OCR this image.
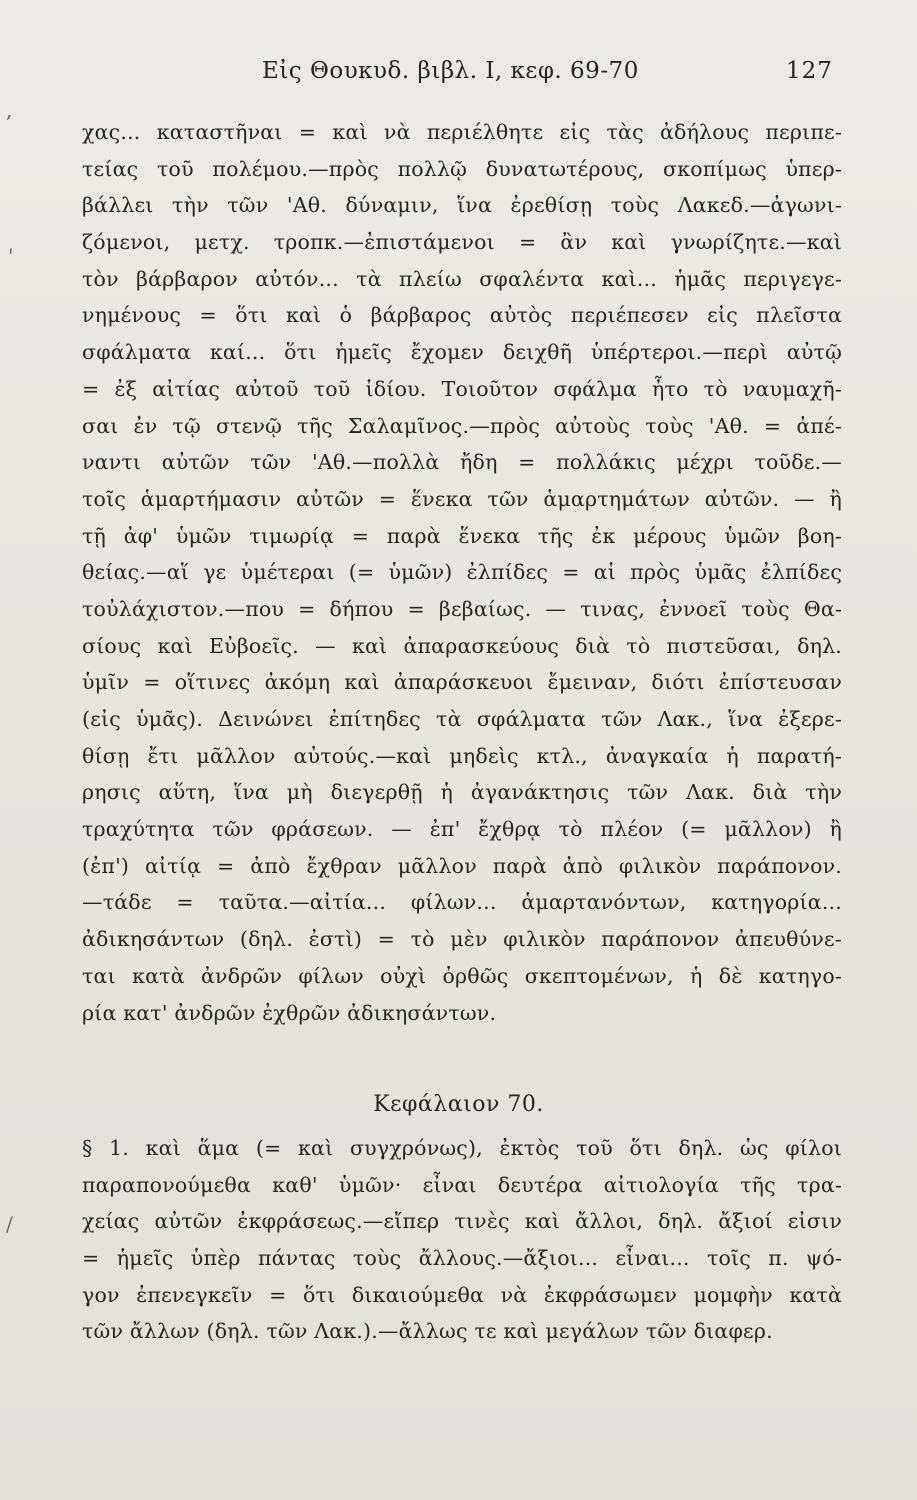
Εἰς Θουκυδ. βιβλ. Ι, κεφ. 69-70	127
χας... καταστῆναι = καὶ νὰ περιέλθητε εἰς τὰς ἀδήλους περιπε-
τείας τοῦ πολέμου.—πρὸς πολλῷ δυνατωτέρους, σκοπίμως ὑπερ-
βάλλει τὴν τῶν 'Αθ. δύναμιν, ἵνα ἐρεθίσῃ τοὺς Λακεδ.—ἀγωνι-
ζόμενοι, μετχ. τροπκ.—ἐπιστάμενοι = ἂν καὶ γνωρίζητε.—καὶ
τὸν βάρβαρον αὐτόν... τὰ πλείω σφαλέντα καὶ... ἡμᾶς περιγεγε-
νημένους = ὅτι καὶ ὁ βάρβαρος αὐτὸς περιέπεσεν εἰς πλεῖστα
σφάλματα καί... ὅτι ἡμεῖς ἔχομεν δειχθῆ ὑπέρτεροι.—περὶ αὐτῷ
= ἐξ αἰτίας αὐτοῦ τοῦ ἰδίου. Τοιοῦτον σφάλμα ἦτο τὸ ναυμαχῆ-
σαι ἐν τῷ στενῷ τῆς Σαλαμῖνος.—πρὸς αὐτοὺς τοὺς 'Αθ. = ἀπέ-
ναντι αὐτῶν τῶν 'Αθ.—πολλὰ ἤδη = πολλάκις μέχρι τοῦδε.—
τοῖς ἁμαρτήμασιν αὐτῶν = ἕνεκα τῶν ἁμαρτημάτων αὐτῶν. — ἢ
τῇ ἀφ' ὑμῶν τιμωρίᾳ = παρὰ ἕνεκα τῆς ἐκ μέρους ὑμῶν βοη-
θείας.—αἵ γε ὑμέτεραι (= ὑμῶν) ἐλπίδες = αἱ πρὸς ὑμᾶς ἐλπίδες
τοὐλάχιστον.—που = δήπου = βεβαίως. — τινας, ἐννοεῖ τοὺς Θα-
σίους καὶ Εὐβοεῖς. — καὶ ἀπαρασκεύους διὰ τὸ πιστεῦσαι, δηλ.
ὑμῖν = οἵτινες ἀκόμη καὶ ἀπαράσκευοι ἔμειναν, διότι ἐπίστευσαν
(εἰς ὑμᾶς). Δεινώνει ἐπίτηδες τὰ σφάλματα τῶν Λακ., ἵνα ἐξερε-
θίσῃ ἔτι μᾶλλον αὐτούς.—καὶ μηδεὶς κτλ., ἀναγκαία ἡ παρατή-
ρησις αὕτη, ἵνα μὴ διεγερθῇ ἡ ἀγανάκτησις τῶν Λακ. διὰ τὴν
τραχύτητα τῶν φράσεων. — ἐπ' ἔχθρᾳ τὸ πλέον (= μᾶλλον) ἢ
(ἐπ') αἰτίᾳ = ἀπὸ ἔχθραν μᾶλλον παρὰ ἀπὸ φιλικὸν παράπονον.
—τάδε = ταῦτα.—αἰτία... φίλων... ἁμαρτανόντων, κατηγορία...
ἀδικησάντων (δηλ. ἐστὶ) = τὸ μὲν φιλικὸν παράπονον ἀπευθύνε-
ται κατὰ ἀνδρῶν φίλων οὐχὶ ὀρθῶς σκεπτομένων, ἡ δὲ κατηγο-
ρία κατ' ἀνδρῶν ἐχθρῶν ἀδικησάντων.
Κεφάλαιον 70.
§ 1. καὶ ἅμα (= καὶ συγχρόνως), ἐκτὸς τοῦ ὅτι δηλ. ὡς φίλοι
παραπονούμεθα καθ' ὑμῶν· εἶναι δευτέρα αἰτιολογία τῆς τρα-
χείας αὐτῶν ἐκφράσεως.—εἴπερ τινὲς καὶ ἄλλοι, δηλ. ἄξιοί εἰσιν
= ἡμεῖς ὑπὲρ πάντας τοὺς ἄλλους.—ἄξιοι... εἶναι... τοῖς π. ψό-
γον ἐπενεγκεῖν = ὅτι δικαιούμεθα νὰ ἐκφράσωμεν μομφὴν κατὰ
τῶν ἄλλων (δηλ. τῶν Λακ.).—ἄλλως τε καὶ μεγάλων τῶν διαφερ.
,
'
/
